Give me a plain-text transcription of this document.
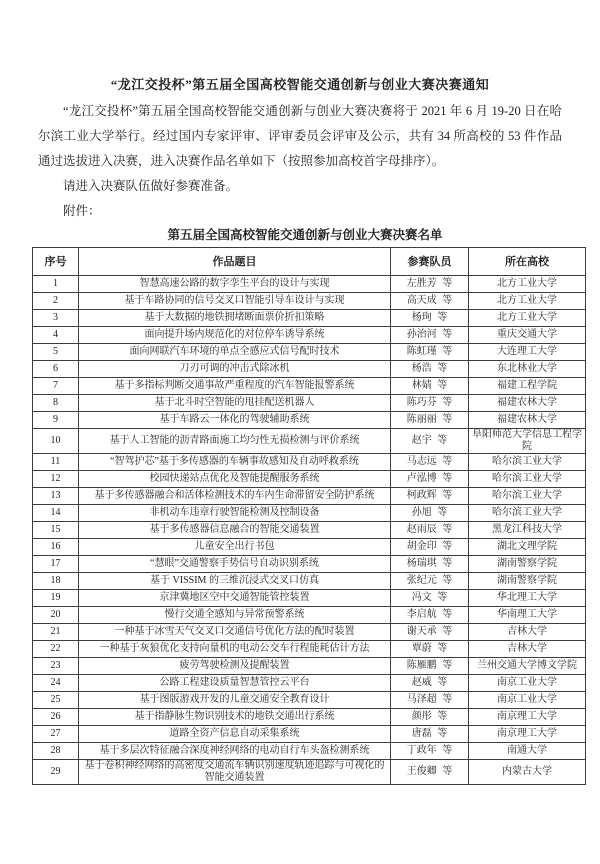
“龙江交投杯”第五届全国高校智能交通创新与创业大赛决赛通知

“龙江交投杯”第五届全国高校智能交通创新与创业大赛决赛将于 2021 年 6 月 19-20 日在哈尔滨工业大学举行。经过国内专家评审、评审委员会评审及公示，共有 34 所高校的 53 件作品通过选拔进入决赛，进入决赛作品名单如下（按照参加高校首字母排序）。

请进入决赛队伍做好参赛准备。

附件：

第五届全国高校智能交通创新与创业大赛决赛名单
序号	作品题目	参赛队员	所在高校
1	智慧高速公路的数字孪生平台的设计与实现	左胜芳 等	北方工业大学
2	基于车路协同的信号交叉口智能引导车设计与实现	高天成 等	北方工业大学
3	基于大数据的地铁拥堵断面票价折扣策略	杨珣 等	北方工业大学
4	面向提升场内规范化的对位停车诱导系统	孙治河 等	重庆交通大学
5	面向网联汽车环境的单点全感应式信号配时技术	陈虹瑾 等	大连理工大学
6	刀刃可调的冲击式除冰机	杨浩 等	东北林业大学
7	基于多指标判断交通事故严重程度的汽车智能报警系统	林婧 等	福建工程学院
8	基于北斗时空智能的甩挂配送机器人	陈巧芬 等	福建农林大学
9	基于车路云一体化的驾驶辅助系统	陈丽丽 等	福建农林大学
10	基于人工智能的沥青路面施工均匀性无损检测与评价系统	赵宇 等	阜阳师范大学信息工程学院
11	“智驾护芯”基于多传感器的车辆事故感知及自动呼救系统	马志远 等	哈尔滨工业大学
12	校园快递站点优化及智能提醒服务系统	卢泓博 等	哈尔滨工业大学
13	基于多传感器融合和活体检测技术的车内生命滞留安全防护系统	柯政辉 等	哈尔滨工业大学
14	非机动车违章行驶智能检测及控制设备	孙旭 等	哈尔滨工业大学
15	基于多传感器信息融合的智能交通装置	赵雨辰 等	黑龙江科技大学
16	儿童安全出行书包	胡金印 等	湖北文理学院
17	“慧眼”交通警察手势信号自动识别系统	杨瑞琪 等	湖南警察学院
18	基于 VISSIM 的三维沉浸式交叉口仿真	张纪元 等	湖南警察学院
19	京津冀地区空中交通智能管控装置	冯文 等	华北理工大学
20	慢行交通全感知与异常预警系统	李启航 等	华南理工大学
21	一种基于冰雪天气交叉口交通信号优化方法的配时装置	谢天承 等	吉林大学
22	一种基于灰狼优化支持向量机的电动公交车行程能耗估计方法	覃蔚 等	吉林大学
23	疲劳驾驶检测及提醒装置	陈雁鹏 等	兰州交通大学博文学院
24	公路工程建设质量智慧管控云平台	赵威 等	南京工业大学
25	基于图版游戏开发的儿童交通安全教育设计	马泽超 等	南京工业大学
26	基于指静脉生物识别技术的地铁交通出行系统	颜彤 等	南京理工大学
27	道路全资产信息自动采集系统	唐磊 等	南京理工大学
28	基于多层次特征融合深度神经网络的电动自行车头盔检测系统	丁政年 等	南通大学
29	基于卷积神经网络的高密度交通流车辆识别速度轨迹追踪与可视化的智能交通装置	王俊卿 等	内蒙古大学
